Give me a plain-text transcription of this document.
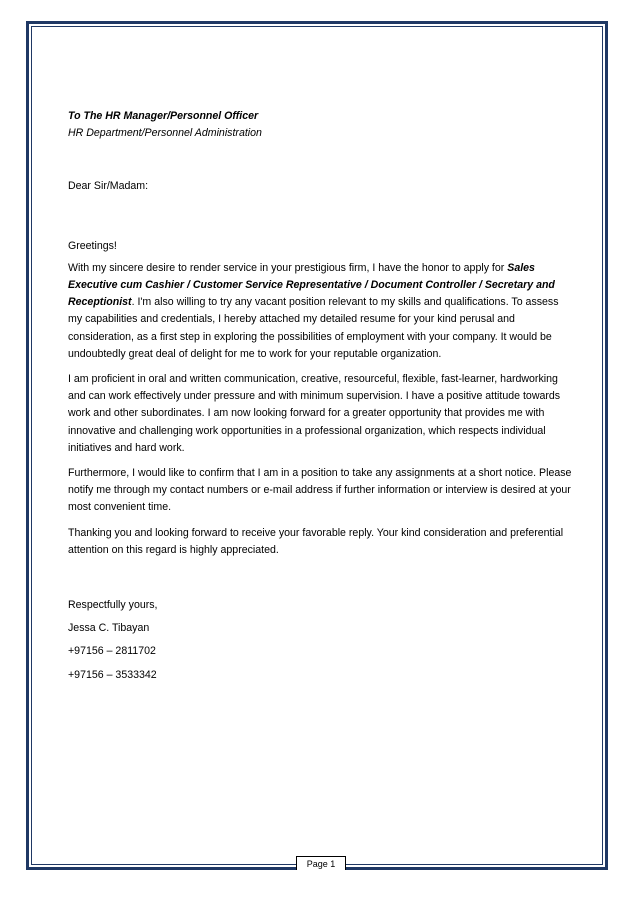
To The HR Manager/Personnel Officer

HR Department/Personnel Administration

Dear Sir/Madam:

Greetings!

With my sincere desire to render service in your prestigious firm, I have the honor to apply for Sales Executive cum Cashier / Customer Service Representative / Document Controller / Secretary and Receptionist. I'm also willing to try any vacant position relevant to my skills and qualifications. To assess my capabilities and credentials, I hereby attached my detailed resume for your kind perusal and consideration, as a first step in exploring the possibilities of employment with your company. It would be undoubtedly great deal of delight for me to work for your reputable organization.

I am proficient in oral and written communication, creative, resourceful, flexible, fast-learner, hardworking and can work effectively under pressure and with minimum supervision. I have a positive attitude towards work and other subordinates. I am now looking forward for a greater opportunity that provides me with innovative and challenging work opportunities in a professional organization, which respects individual initiatives and hard work.

Furthermore, I would like to confirm that I am in a position to take any assignments at a short notice. Please notify me through my contact numbers or e-mail address if further information or interview is desired at your most convenient time.

Thanking you and looking forward to receive your favorable reply. Your kind consideration and preferential attention on this regard is highly appreciated.

Respectfully yours,

Jessa C. Tibayan

+97156 – 2811702

+97156 – 3533342

Page 1
